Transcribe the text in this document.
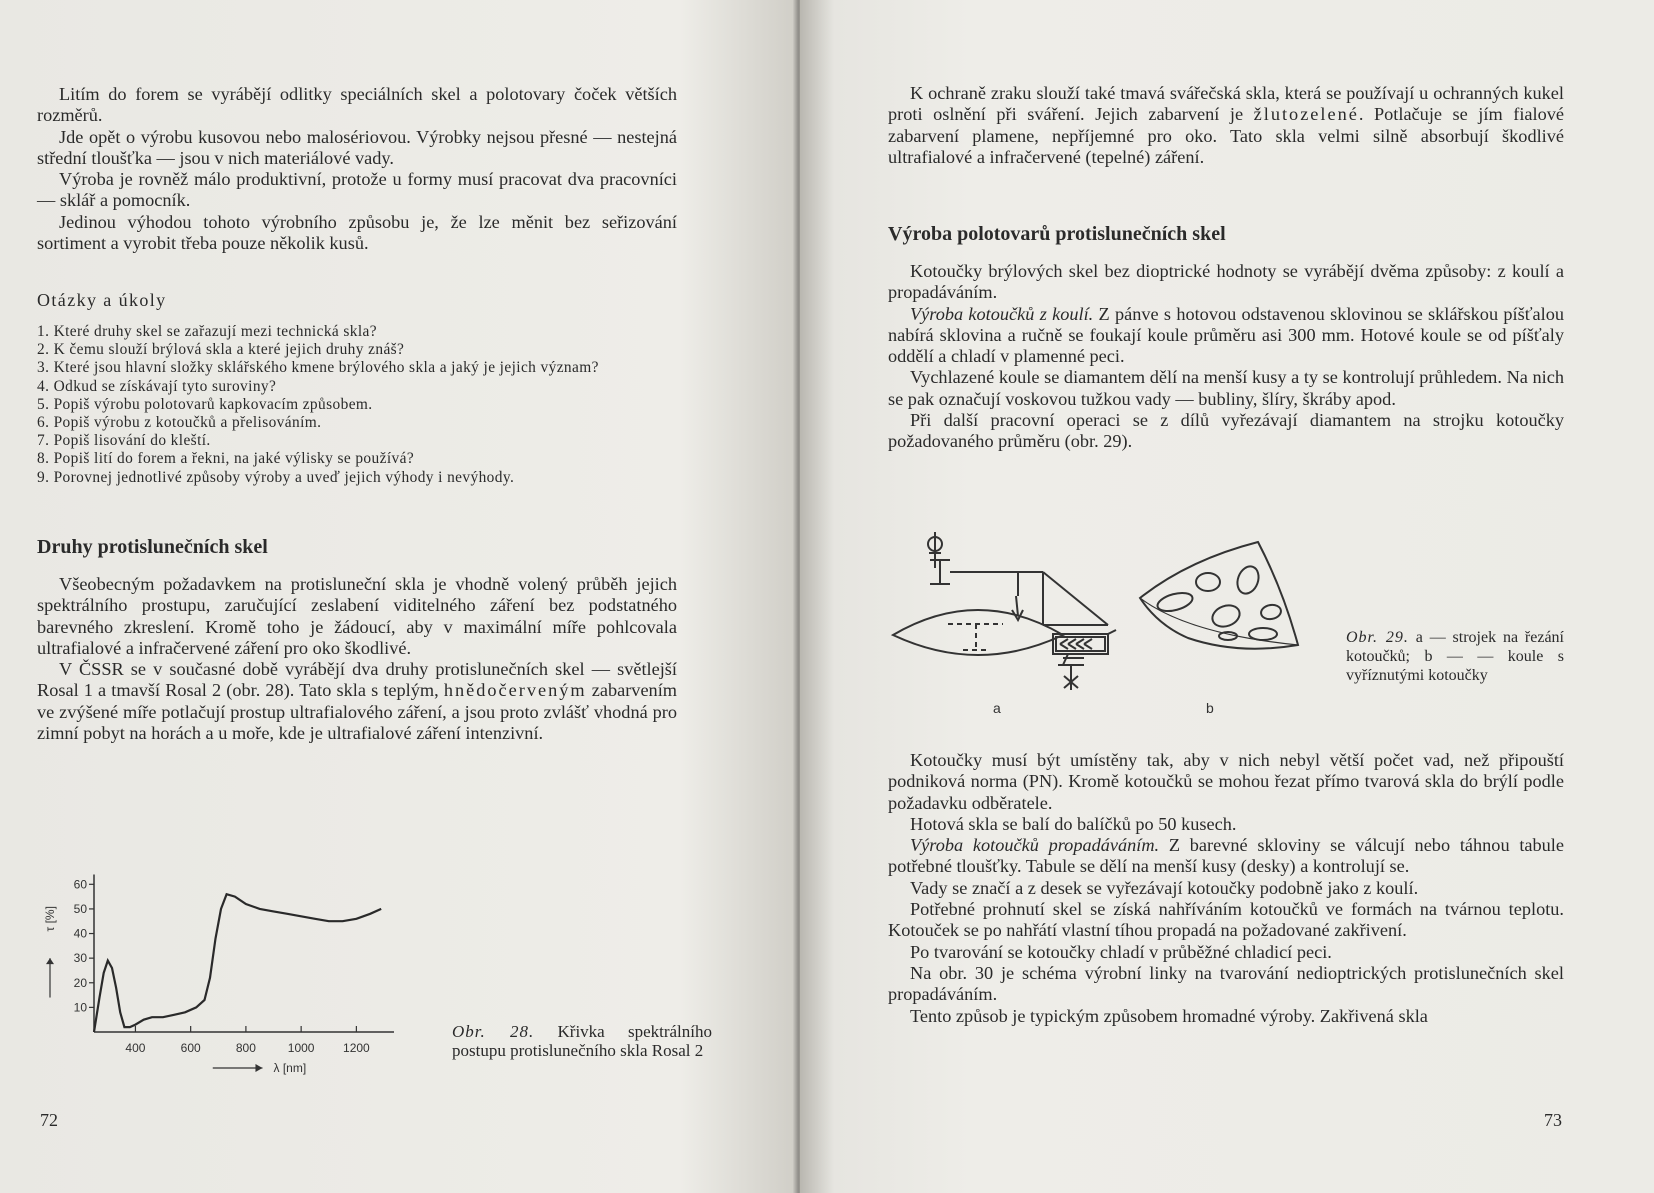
Litím do forem se vyrábějí odlitky speciálních skel a polotovary čoček větších rozměrů.

Jde opět o výrobu kusovou nebo malosériovou. Výrobky nejsou přesné — nestejná střední tloušťka — jsou v nich materiálové vady.

Výroba je rovněž málo produktivní, protože u formy musí pracovat dva pracovníci — sklář a pomocník.

Jedinou výhodou tohoto výrobního způsobu je, že lze měnit bez seřizování sortiment a vyrobit třeba pouze několik kusů.

Otázky a úkoly
1. Které druhy skel se zařazují mezi technická skla?
2. K čemu slouží brýlová skla a které jejich druhy znáš?
3. Které jsou hlavní složky sklářského kmene brýlového skla a jaký je jejich význam?
4. Odkud se získávají tyto suroviny?
5. Popiš výrobu polotovarů kapkovacím způsobem.
6. Popiš výrobu z kotoučků a přelisováním.
7. Popiš lisování do kleští.
8. Popiš lití do forem a řekni, na jaké výlisky se používá?
9. Porovnej jednotlivé způsoby výroby a uveď jejich výhody i nevýhody.
Druhy protislunečních skel

Všeobecným požadavkem na protisluneční skla je vhodně volený průběh jejich spektrálního prostupu, zaručující zeslabení viditelného záření bez podstatného barevného zkreslení. Kromě toho je žádoucí, aby v maximální míře pohlcovala ultrafialové a infračervené záření pro oko škodlivé.

V ČSSR se v současné době vyrábějí dva druhy protislunečních skel — světlejší Rosal 1 a tmavší Rosal 2 (obr. 28). Tato skla s teplým, hnědočerveným zabarvením ve zvýšené míře potlačují prostup ultrafialového záření, a jsou proto zvlášť vhodná pro zimní pobyt na horách a u moře, kde je ultrafialové záření intenzivní.

10
20
30
40
50
60
400	600	800	1000 1200
λ [nm]
τ [%]
Obr. 28. Křivka spektrálního postupu protislunečního skla Rosal 2
72

K ochraně zraku slouží také tmavá svářečská skla, která se používají u ochranných kukel proti oslnění při sváření. Jejich zabarvení je žlutozelené. Potlačuje se jím fialové zabarvení plamene, nepříjemné pro oko. Tato skla velmi silně absorbují škodlivé ultrafialové a infračervené (tepelné) záření.

Výroba polotovarů protislunečních skel

Kotoučky brýlových skel bez dioptrické hodnoty se vyrábějí dvěma způsoby: z koulí a propadáváním.

Výroba kotoučků z koulí. Z pánve s hotovou odstavenou sklovinou se sklářskou píšťalou nabírá sklovina a ručně se foukají koule průměru asi 300 mm. Hotové koule se od píšťaly oddělí a chladí v plamenné peci.

Vychlazené koule se diamantem dělí na menší kusy a ty se kontrolují průhledem. Na nich se pak označují voskovou tužkou vady — bubliny, šlíry, škráby apod.

Při další pracovní operaci se z dílů vyřezávají diamantem na strojku kotoučky požadovaného průměru (obr. 29).

a	b
Obr. 29. a — strojek na řezání kotoučků; b — — koule s vyříznutými kotoučky

Kotoučky musí být umístěny tak, aby v nich nebyl větší počet vad, než připouští podniková norma (PN). Kromě kotoučků se mohou řezat přímo tvarová skla do brýlí podle požadavku odběratele.

Hotová skla se balí do balíčků po 50 kusech.

Výroba kotoučků propadáváním. Z barevné skloviny se válcují nebo táhnou tabule potřebné tloušťky. Tabule se dělí na menší kusy (desky) a kontrolují se.

Vady se značí a z desek se vyřezávají kotoučky podobně jako z koulí.

Potřebné prohnutí skel se získá nahříváním kotoučků ve formách na tvárnou teplotu. Kotouček se po nahřátí vlastní tíhou propadá na požadované zakřivení.

Po tvarování se kotoučky chladí v průběžné chladicí peci.

Na obr. 30 je schéma výrobní linky na tvarování nedioptrických protislunečních skel propadáváním.

Tento způsob je typickým způsobem hromadné výroby. Zakřivená skla

73
